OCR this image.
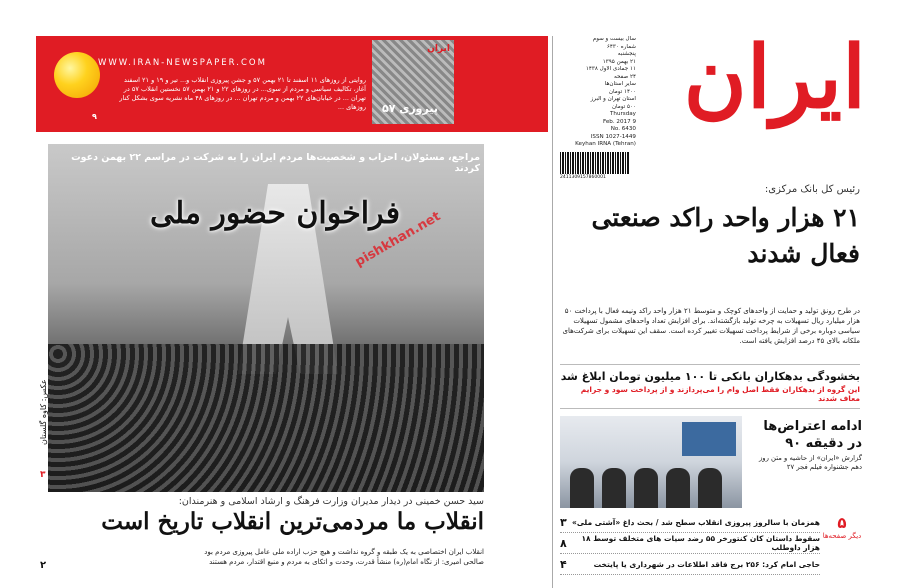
WWW.IRAN-NEWSPAPER.COM
روایتی از روزهای ۱۱ اسفند تا ۲۱ بهمن ۵۷ و جشن پیروزی انقلاب و... تیر و ۱۹ و ۲۱ اسفند آغاز، تکالیف سیاسی و مردم از سوی... در روزهای ۲۲ و ۲۱ بهمن ۵۷ نخستین انقلاب ۵۷ در تهران ... در خیابان‌های ۲۲ بهمن و مردم تهران ... در روزهای ۴۸ ماه نشریه سوی بشکل کنار روزهای ...
۹
ایران
پیروزی ۵۷	ایران
سال بیست و سوم
شماره ۶۴۳۰
پنجشنبه
۲۱ بهمن ۱۳۹۵
۱۱ جمادی الاول ۱۴۳۸
۲۴ صفحه
سایر استان‌ها
۱۴۰۰ تومان
استان تهران و البرز
۵۰۰ تومان
Thursday
9 Feb. 2017
No. 6430
ISSN 1027-1449
Keyhan IRNA (Tehran)
2411309157860001
مراجع، مسئولان، احزاب و شخصیت‌ها مردم ایران را به شرکت در مراسم ۲۲ بهمن دعوت کردند
فراخوان حضور ملی
pishkhan.net
عکس: کاوه گلستان
۳
سید حسن خمینی در دیدار مدیران وزارت فرهنگ و ارشاد اسلامی و هنرمندان:
انقلاب ما مردمی‌ترین انقلاب تاریخ است
انقلاب ایران اختصاصی به یک طبقه و گروه نداشت و هیچ حزب اراده ملی عامل پیروزی مردم بود
صالحی امیری: از نگاه امام(ره) منشأ قدرت، وحدت و اتکای به مردم و منبع اقتدار، مردم هستند
۲
رئیس کل بانک مرکزی:
۲۱ هزار واحد راکد صنعتی فعال شدند
در طرح رونق تولید و حمایت از واحدهای کوچک و متوسط ۲۱ هزار واحد راکد ونیمه فعال با پرداخت ۵۰ هزار میلیارد ریال تسهیلات به چرخه تولید بازگشته‌اند. برای افزایش تعداد واحدهای مشمول تسهیلات سیاسی دوباره برخی از شرایط پرداخت تسهیلات تغییر کرده است. سقف این تسهیلات برای شرکت‌های ملکانه بالای ۴۵ درصد افزایش یافته است.
بخشودگی بدهکاران بانکی تا ۱۰۰ میلیون تومان ابلاغ شد
این گروه از بدهکاران فقط اصل وام را می‌پردازند و از پرداخت سود و جرایم معاف شدند
ادامه اعتراض‌ها در دقیقه ۹۰
گزارش «ایران» از حاشیه و متن روز دهم جشنواره فیلم فجر ۲۷
۵
دیگر صفحه‌ها
همزمان با سالروز پیروزی انقلاب سطح شد / بحث داغ «آشتی ملی»
۳
سقوط داستان کان کنتورخر ۵۵ رضد سیات های متخلف توسط ۱۸ هزار داوطلب
۸
حاجی امام کرد: ۲۵۶ برج فاقد اطلاعات در شهرداری یا پایتخت
۴
